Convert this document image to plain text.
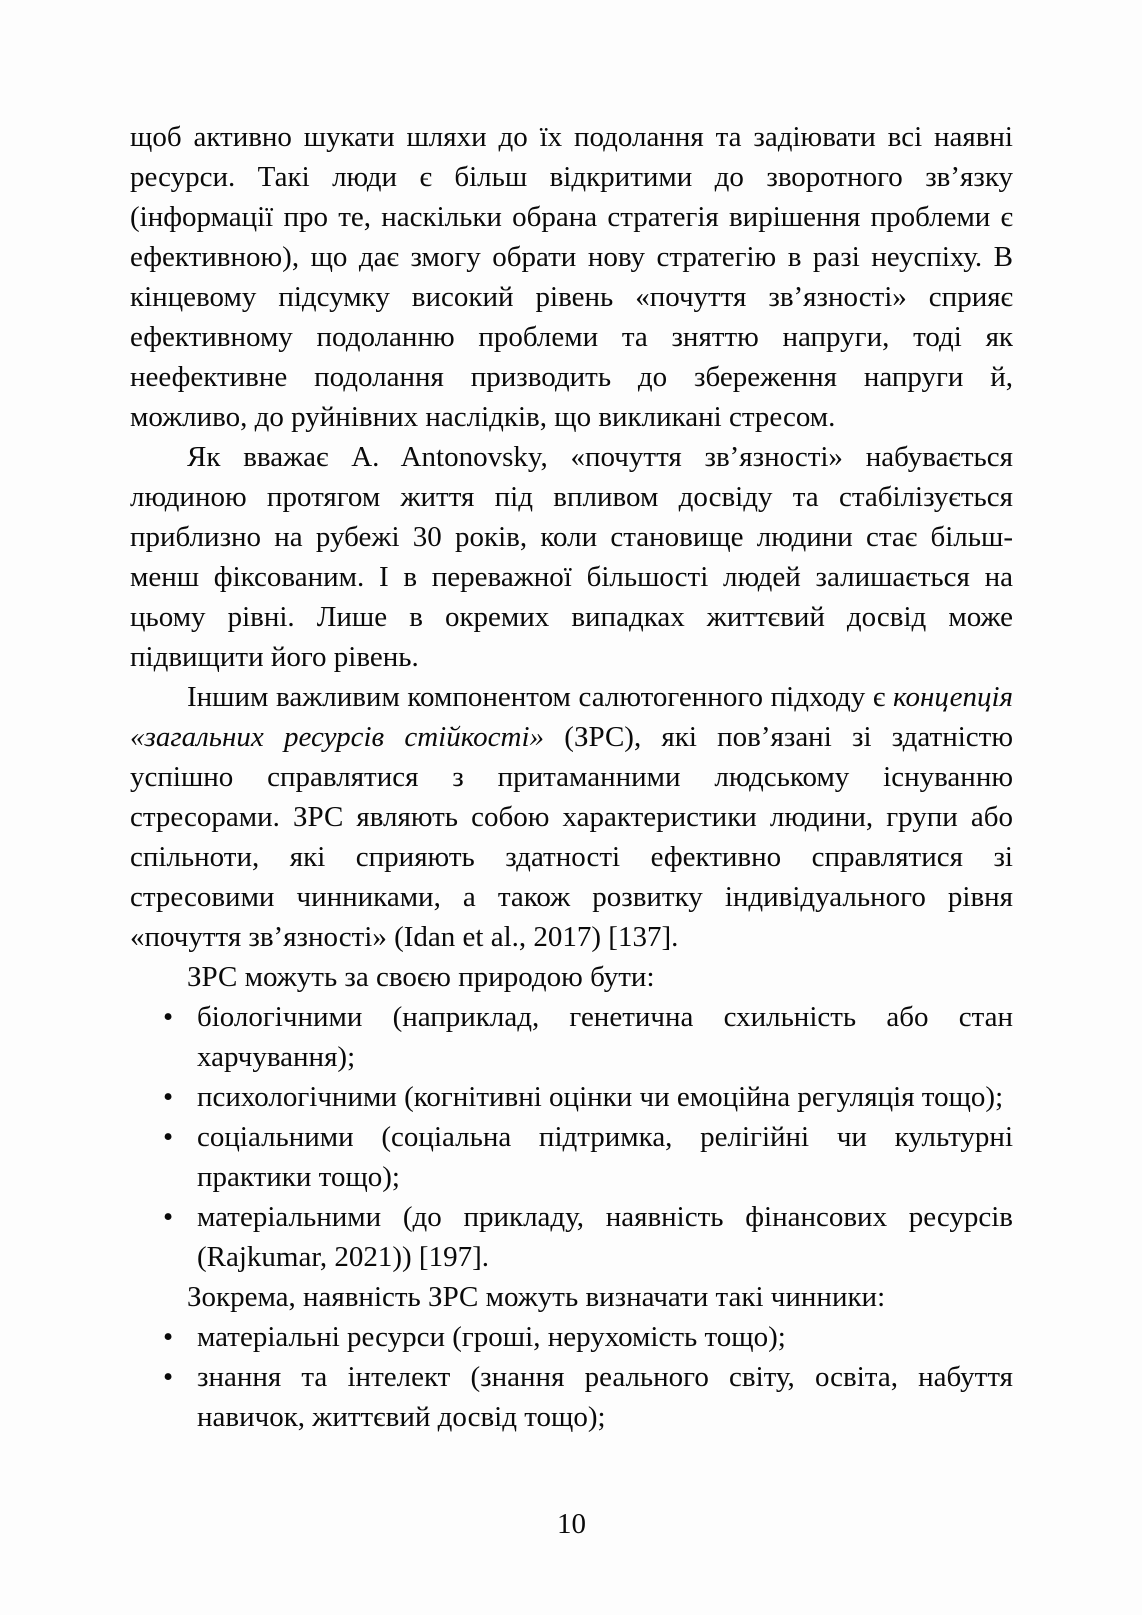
щоб активно шукати шляхи до їх подолання та задіювати всі наявні ресурси. Такі люди є більш відкритими до зворотного зв’язку (інформації про те, наскільки обрана стратегія вирішення проблеми є ефективною), що дає змогу обрати нову стратегію в разі неуспіху. В кінцевому підсумку високий рівень «почуття зв’язності» сприяє ефективному подоланню проблеми та зняттю напруги, тоді як неефективне подолання призводить до збереження напруги й, можливо, до руйнівних наслідків, що викликані стресом.

Як вважає A. Antonovsky, «почуття зв’язності» набувається людиною протягом життя під впливом досвіду та стабілізується приблизно на рубежі 30 років, коли становище людини стає більш-менш фіксованим. І в переважної більшості людей залишається на цьому рівні. Лише в окремих випадках життєвий досвід може підвищити його рівень.

Іншим важливим компонентом салютогенного підходу є концепція «загальних ресурсів стійкості» (ЗРС), які пов’язані зі здатністю успішно справлятися з притаманними людському існуванню стресорами. ЗРС являють собою характеристики людини, групи або спільноти, які сприяють здатності ефективно справлятися зі стресовими чинниками, а також розвитку індивідуального рівня «почуття зв’язності» (Idan et al., 2017) [137].

ЗРС можуть за своєю природою бути:

• біологічними (наприклад, генетична схильність або стан харчування);
• психологічними (когнітивні оцінки чи емоційна регуляція тощо);
• соціальними (соціальна підтримка, релігійні чи культурні практики тощо);
• матеріальними (до прикладу, наявність фінансових ресурсів (Rajkumar, 2021)) [197].

Зокрема, наявність ЗРС можуть визначати такі чинники:

• матеріальні ресурси (гроші, нерухомість тощо);
• знання та інтелект (знання реального світу, освіта, набуття навичок, життєвий досвід тощо);
10
